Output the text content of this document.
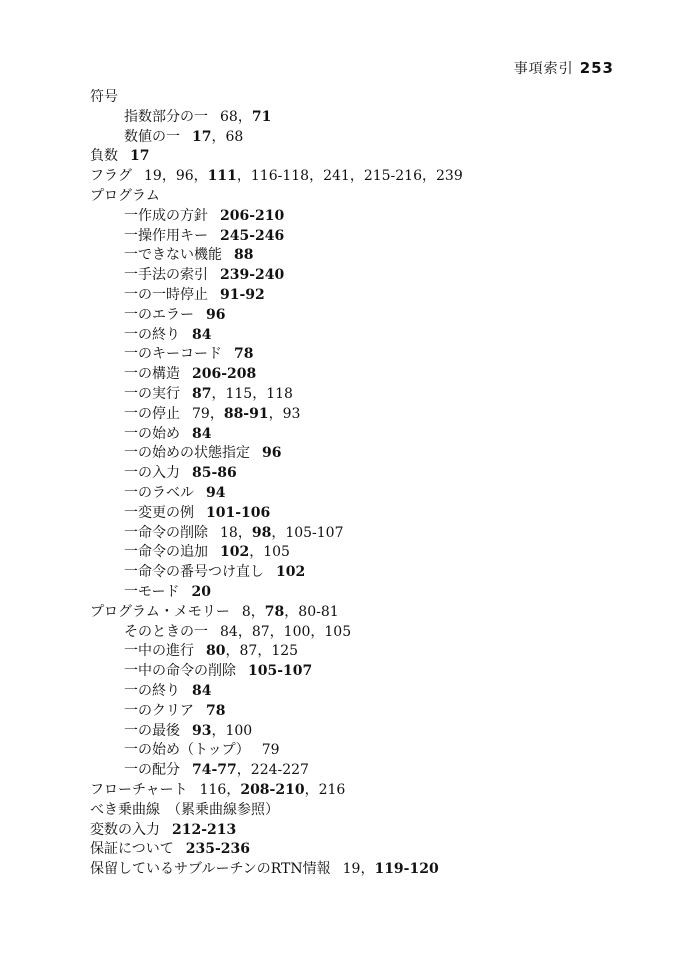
事項索引 253
符号
指数部分の一 68，71
数値の一 17，68
負数 17
フラグ 19，96，111，116-118，241，215-216，239
プログラム
一作成の方針 206-210
一操作用キー 245-246
一できない機能 88
一手法の索引 239-240
一の一時停止 91-92
一のエラー 96
一の終り 84
一のキーコード 78
一の構造 206-208
一の実行 87，115，118
一の停止 79，88-91，93
一の始め 84
一の始めの状態指定 96
一の入力 85-86
一のラベル 94
一変更の例 101-106
一命令の削除 18，98，105-107
一命令の追加 102，105
一命令の番号つけ直し 102
一モード 20
プログラム・メモリー 8，78，80-81
そのときの一 84，87，100，105
一中の進行 80，87，125
一中の命令の削除 105-107
一の終り 84
一のクリア 78
一の最後 93，100
一の始め（トップ） 79
一の配分 74-77，224-227
フローチャート 116，208-210，216
べき乗曲線　（累乗曲線参照）
変数の入力 212-213
保証について 235-236
保留しているサブルーチンのRTN情報 19，119-120
